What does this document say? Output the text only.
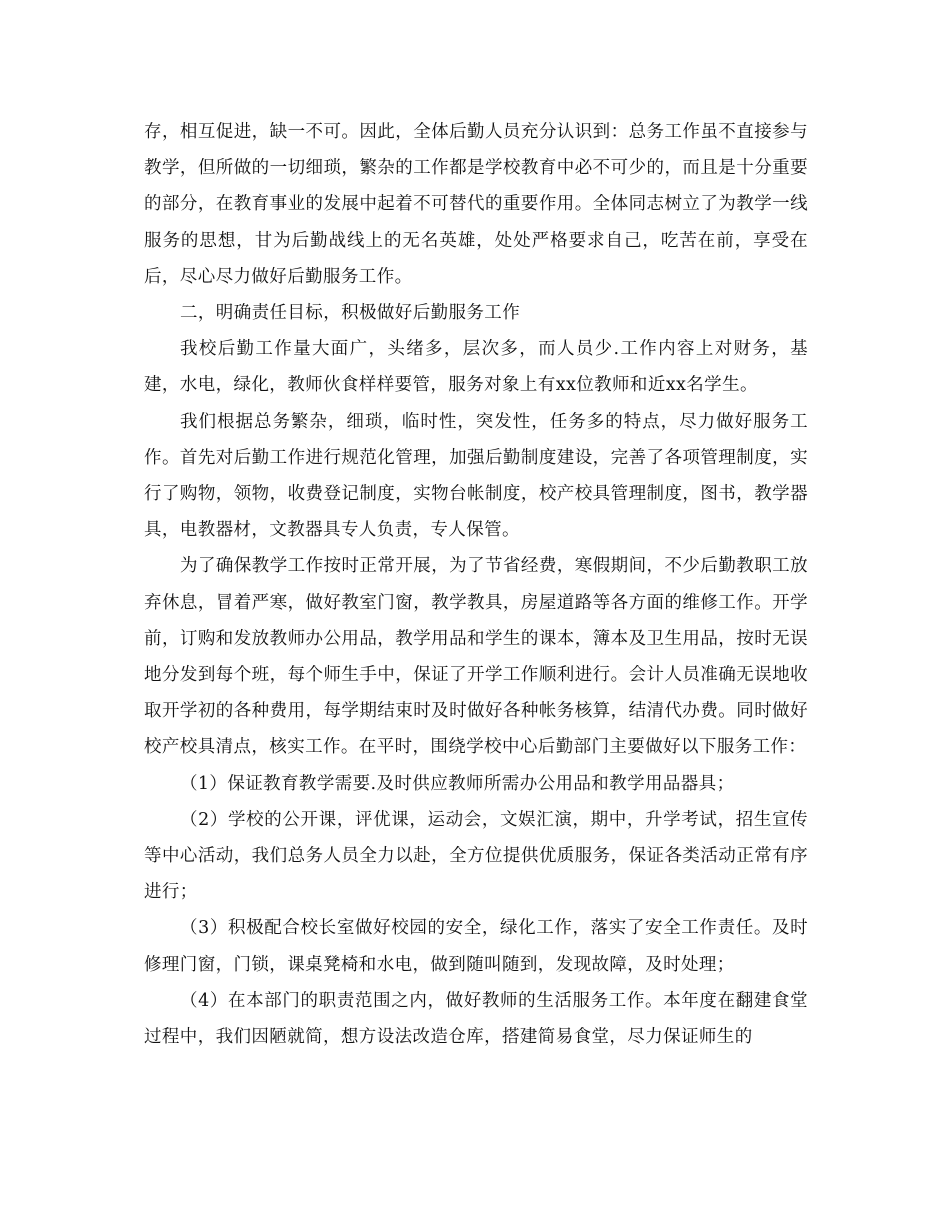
存，相互促进，缺一不可。因此，全体后勤人员充分认识到：总务工作虽不直接参与教学，但所做的一切细琐，繁杂的工作都是学校教育中必不可少的，而且是十分重要的部分，在教育事业的发展中起着不可替代的重要作用。全体同志树立了为教学一线服务的思想，甘为后勤战线上的无名英雄，处处严格要求自己，吃苦在前，享受在后，尽心尽力做好后勤服务工作。

二，明确责任目标，积极做好后勤服务工作

我校后勤工作量大面广，头绪多，层次多，而人员少.工作内容上对财务，基建，水电，绿化，教师伙食样样要管，服务对象上有xx位教师和近xx名学生。

我们根据总务繁杂，细琐，临时性，突发性，任务多的特点，尽力做好服务工作。首先对后勤工作进行规范化管理，加强后勤制度建设，完善了各项管理制度，实行了购物，领物，收费登记制度，实物台帐制度，校产校具管理制度，图书，教学器具，电教器材，文教器具专人负责，专人保管。

为了确保教学工作按时正常开展，为了节省经费，寒假期间，不少后勤教职工放弃休息，冒着严寒，做好教室门窗，教学教具，房屋道路等各方面的维修工作。开学前，订购和发放教师办公用品，教学用品和学生的课本，簿本及卫生用品，按时无误地分发到每个班，每个师生手中，保证了开学工作顺利进行。会计人员准确无误地收取开学初的各种费用，每学期结束时及时做好各种帐务核算，结清代办费。同时做好校产校具清点，核实工作。在平时，围绕学校中心后勤部门主要做好以下服务工作：

（1）保证教育教学需要.及时供应教师所需办公用品和教学用品器具；

（2）学校的公开课，评优课，运动会，文娱汇演，期中，升学考试，招生宣传等中心活动，我们总务人员全力以赴，全方位提供优质服务，保证各类活动正常有序进行；

（3）积极配合校长室做好校园的安全，绿化工作，落实了安全工作责任。及时修理门窗，门锁，课桌凳椅和水电，做到随叫随到，发现故障，及时处理；

（4）在本部门的职责范围之内，做好教师的生活服务工作。本年度在翻建食堂过程中，我们因陋就简，想方设法改造仓库，搭建简易食堂，尽力保证师生的
